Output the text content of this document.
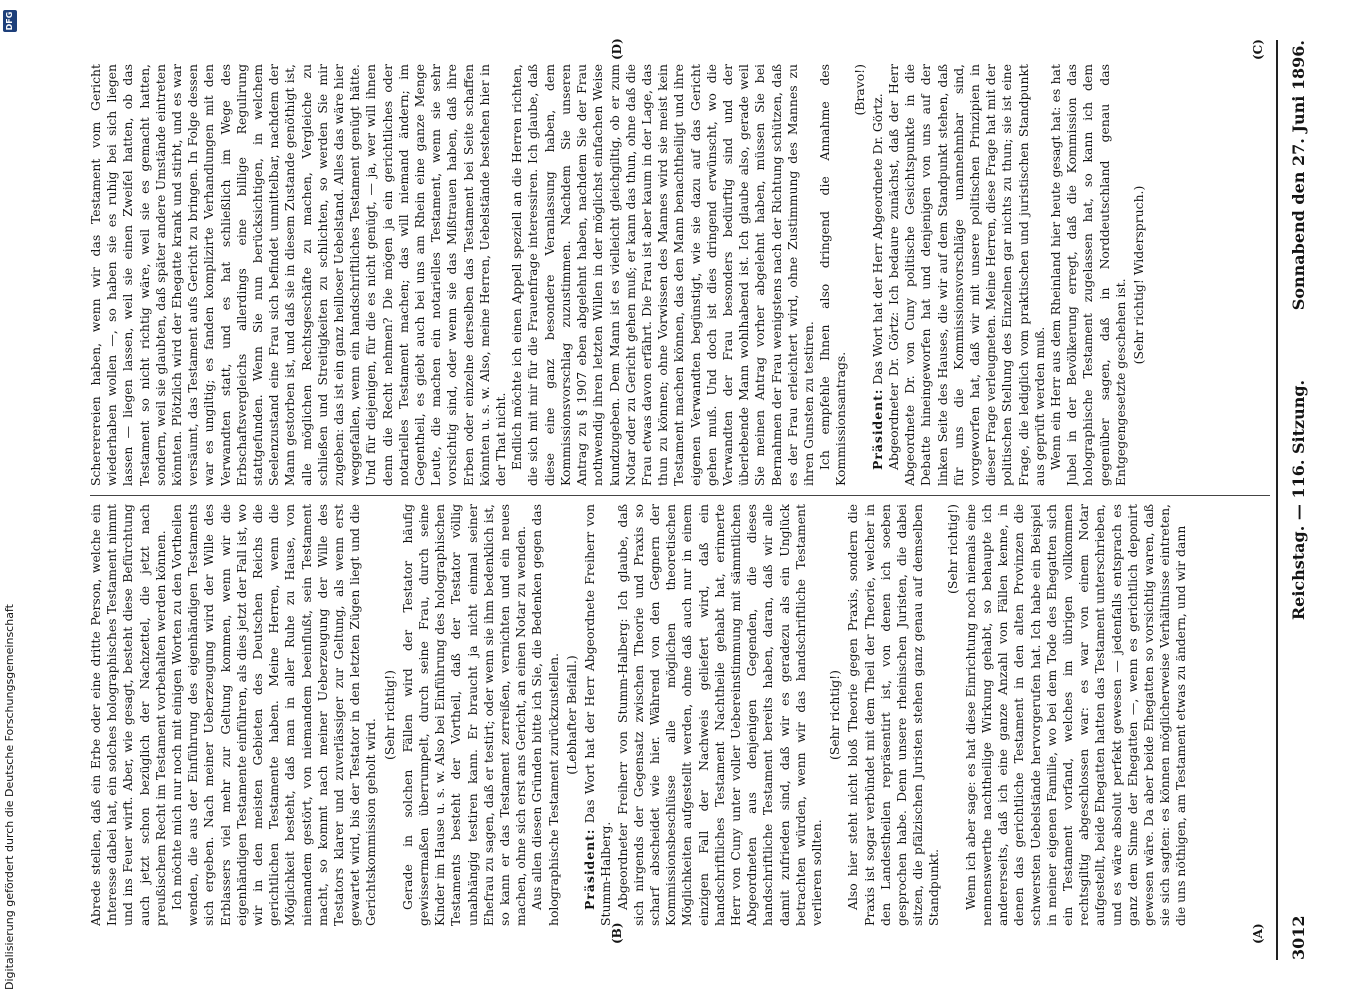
3012
Reichstag. — 116. Sitzung.
Sonnabend den 27. Juni 1896.
(A)
(B)
(C)
(D)

Abrede stellen, daß ein Erbe oder eine dritte Person, welche ein Interesse dabei hat, ein solches holographisches Testament nimmt und ins Feuer wirft. Aber, wie gesagt, besteht diese Befürchtung auch jetzt schon bezüglich der Nachzettel, die jetzt nach preußischem Recht im Testament vorbehalten werden können. Ich möchte mich nur noch mit einigen Worten zu den Vortheilen wenden, die aus der Einführung des eigenhändigen Testaments sich ergeben. Nach meiner Ueberzeugung wird der Wille des Erblassers viel mehr zur Geltung kommen, wenn wir die eigenhändigen Testamente einführen, als dies jetzt der Fall ist, wo wir in den meisten Gebieten des Deutschen Reichs die gerichtlichen Testamente haben. Meine Herren, wenn die Möglichkeit besteht, daß man in aller Ruhe zu Hause, von niemandem gestört, von niemandem beeinflußt, sein Testament macht, so kommt nach meiner Ueberzeugung der Wille des Testators klarer und zuverlässiger zur Geltung, als wenn erst gewartet wird, bis der Testator in den letzten Zügen liegt und die Gerichtskommission geholt wird.

(Sehr richtig!) Gerade in solchen Fällen wird der Testator häufig gewissermaßen überrumpelt, durch seine Frau, durch seine Kinder im Hause u. s. w. Also bei Einführung des holographischen Testaments besteht der Vortheil, daß der Testator völlig unabhängig testiren kann. Er braucht ja nicht einmal seiner Ehefrau zu sagen, daß er testirt; oder wenn sie ihm bedenklich ist, so kann er das Testament zerreißen, vernichten und ein neues machen, ohne sich erst ans Gericht, an einen Notar zu wenden. Aus allen diesen Gründen bitte ich Sie, die Bedenken gegen das holographische Testament zurückzustellen. (Lebhafter Beifall.)

Präsident: Das Wort hat der Herr Abgeordnete Freiherr von Stumm-Halberg. Abgeordneter Freiherr von Stumm-Halberg: Ich glaube, daß sich nirgends der Gegensatz zwischen Theorie und Praxis so scharf abscheidet wie hier. Während von den Gegnern der Kommissionsbeschlüsse alle möglichen theoretischen Möglichkeiten aufgestellt werden, ohne daß auch nur in einem einzigen Fall der Nachweis geliefert wird, daß ein handschriftliches Testament Nachtheile gehabt hat, erinnerte Herr von Cuny unter voller Uebereinstimmung mit sämmtlichen Abgeordneten aus denjenigen Gegenden, die dieses handschriftliche Testament bereits haben, daran, daß wir alle damit zufrieden sind, daß wir es geradezu als ein Unglück betrachten würden, wenn wir das handschriftliche Testament verlieren sollten.

(Sehr richtig!) Also hier steht nicht bloß Theorie gegen Praxis, sondern die Praxis ist sogar verbündet mit dem Theil der Theorie, welcher in den Landestheilen repräsentirt ist, von denen ich soeben gesprochen habe. Denn unsere rheinischen Juristen, die dabei sitzen, die pfälzischen Juristen stehen ganz genau auf demselben Standpunkt.

(Sehr richtig!) Wenn ich aber sage: es hat diese Einrichtung noch niemals eine nennenswerthe nachtheilige Wirkung gehabt, so behaupte ich andererseits, daß ich eine ganze Anzahl von Fällen kenne, in denen das gerichtliche Testament in den alten Provinzen die schwersten Uebelstände hervorgerufen hat. Ich habe ein Beispiel in meiner eigenen Familie, wo bei dem Tode des Ehegatten sich ein Testament vorfand, welches im übrigen vollkommen rechtsgiltig abgeschlossen war: es war von einem Notar aufgestellt, beide Ehegatten hatten das Testament unterschrieben, und es wäre absolut perfekt gewesen — jedenfalls entsprach es ganz dem Sinne der Ehegatten —, wenn es gerichtlich deponirt gewesen wäre. Da aber beide Ehegatten so vorsichtig waren, daß sie sich sagten: es können möglicherweise Verhältnisse eintreten, die uns nöthigen, am Testament etwas zu ändern, und wir dann

Schererereien haben, wenn wir das Testament vom Gericht wiederhaben wollen —, so haben sie es ruhig bei sich liegen lassen — liegen lassen, weil sie einen Zweifel hatten, ob das Testament so nicht richtig wäre, weil sie es gemacht hatten, sondern, weil sie glaubten, daß später andere Umstände eintreten könnten. Plötzlich wird der Ehegatte krank und stirbt, und es war versäumt, das Testament aufs Gericht zu bringen. In Folge dessen war es ungiltig; es fanden komplizirte Verhandlungen mit den Verwandten statt, und es hat schließlich im Wege des Erbschaftsvergleichs allerdings eine billige Regulirung stattgefunden. Wenn Sie nun berücksichtigen, in welchem Seelenzustand eine Frau sich befindet unmittelbar, nachdem der Mann gestorben ist, und daß sie in diesem Zustande genöthigt ist, alle möglichen Rechtsgeschäfte zu machen, Vergleiche zu schließen und Streitigkeiten zu schlichten, so werden Sie mir zugeben: das ist ein ganz heilloser Uebelstand. Alles das wäre hier weggefallen, wenn ein handschriftliches Testament genügt hätte. Und für diejenigen, für die es nicht genügt, — ja, wer will ihnen denn die Recht nehmen? Die mögen ja ein gerichtliches oder notarielles Testament machen; das will niemand ändern; im Gegentheil, es giebt auch bei uns am Rhein eine ganze Menge Leute, die machen ein notarielles Testament, wenn sie sehr vorsichtig sind, oder wenn sie das Mißtrauen haben, daß ihre Erben oder einzelne derselben das Testament bei Seite schaffen könnten u. s. w. Also, meine Herren, Uebelstände bestehen hier in der That nicht. Endlich möchte ich einen Appell speziell an die Herren richten, die sich mit mir für die Frauenfrage interessiren. Ich glaube, daß diese eine ganz besondere Veranlassung haben, dem Kommissionsvorschlag zuzustimmen. Nachdem Sie unseren Antrag zu § 1907 eben abgelehnt haben, nachdem Sie der Frau nothwendig ihren letzten Willen in der möglichst einfachen Weise kundzugeben. Dem Mann ist es vielleicht gleichgiltig, ob er zum Notar oder zu Gericht gehen muß; er kann das thun, ohne daß die Frau etwas davon erfährt. Die Frau ist aber kaum in der Lage, das thun zu können; ohne Vorwissen des Mannes wird sie meist kein Testament machen können, das den Mann benachtheiligt und ihre eigenen Verwandten begünstigt, wie sie dazu auf das Gericht gehen muß. Und doch ist dies dringend erwünscht, wo die Verwandten der Frau besonders bedürftig sind und der überlebende Mann wohlhabend ist. Ich glaube also, gerade weil Sie meinen Antrag vorher abgelehnt haben, müssen Sie bei Bernahmen der Frau wenigstens nach der Richtung schützen, daß es der Frau erleichtert wird, ohne Zustimmung des Mannes zu ihren Gunsten zu testiren. Ich empfehle Ihnen also dringend die Annahme des Kommissionsantrags.

(Bravo!)

Präsident: Das Wort hat der Herr Abgeordnete Dr. Görtz. Abgeordneter Dr. Görtz: Ich bedaure zunächst, daß der Herr Abgeordnete Dr. von Cuny politische Gesichtspunkte in die Debatte hineingeworfen hat und denjenigen von uns auf der linken Seite des Hauses, die wir auf dem Standpunkt stehen, daß für uns die Kommissionsvorschläge unannehmbar sind, vorgeworfen hat, daß wir mit unsere politischen Prinzipien in dieser Frage verleugneten. Meine Herren, diese Frage hat mit der politischen Stellung des Einzelnen gar nichts zu thun; sie ist eine Frage, die lediglich vom praktischen und juristischen Standpunkt aus geprüft werden muß. Wenn ein Herr aus dem Rheinland hier heute gesagt hat: es hat Jubel in der Bevölkerung erregt, daß die Kommission das holographische Testament zugelassen hat, so kann ich dem gegenüber sagen, daß in Norddeutschland genau das Entgegengesetzte geschehen ist.

(Sehr richtig! Widerspruch.)

Digitalisierung gefördert durch die Deutsche Forschungsgemeinschaft
DFG
